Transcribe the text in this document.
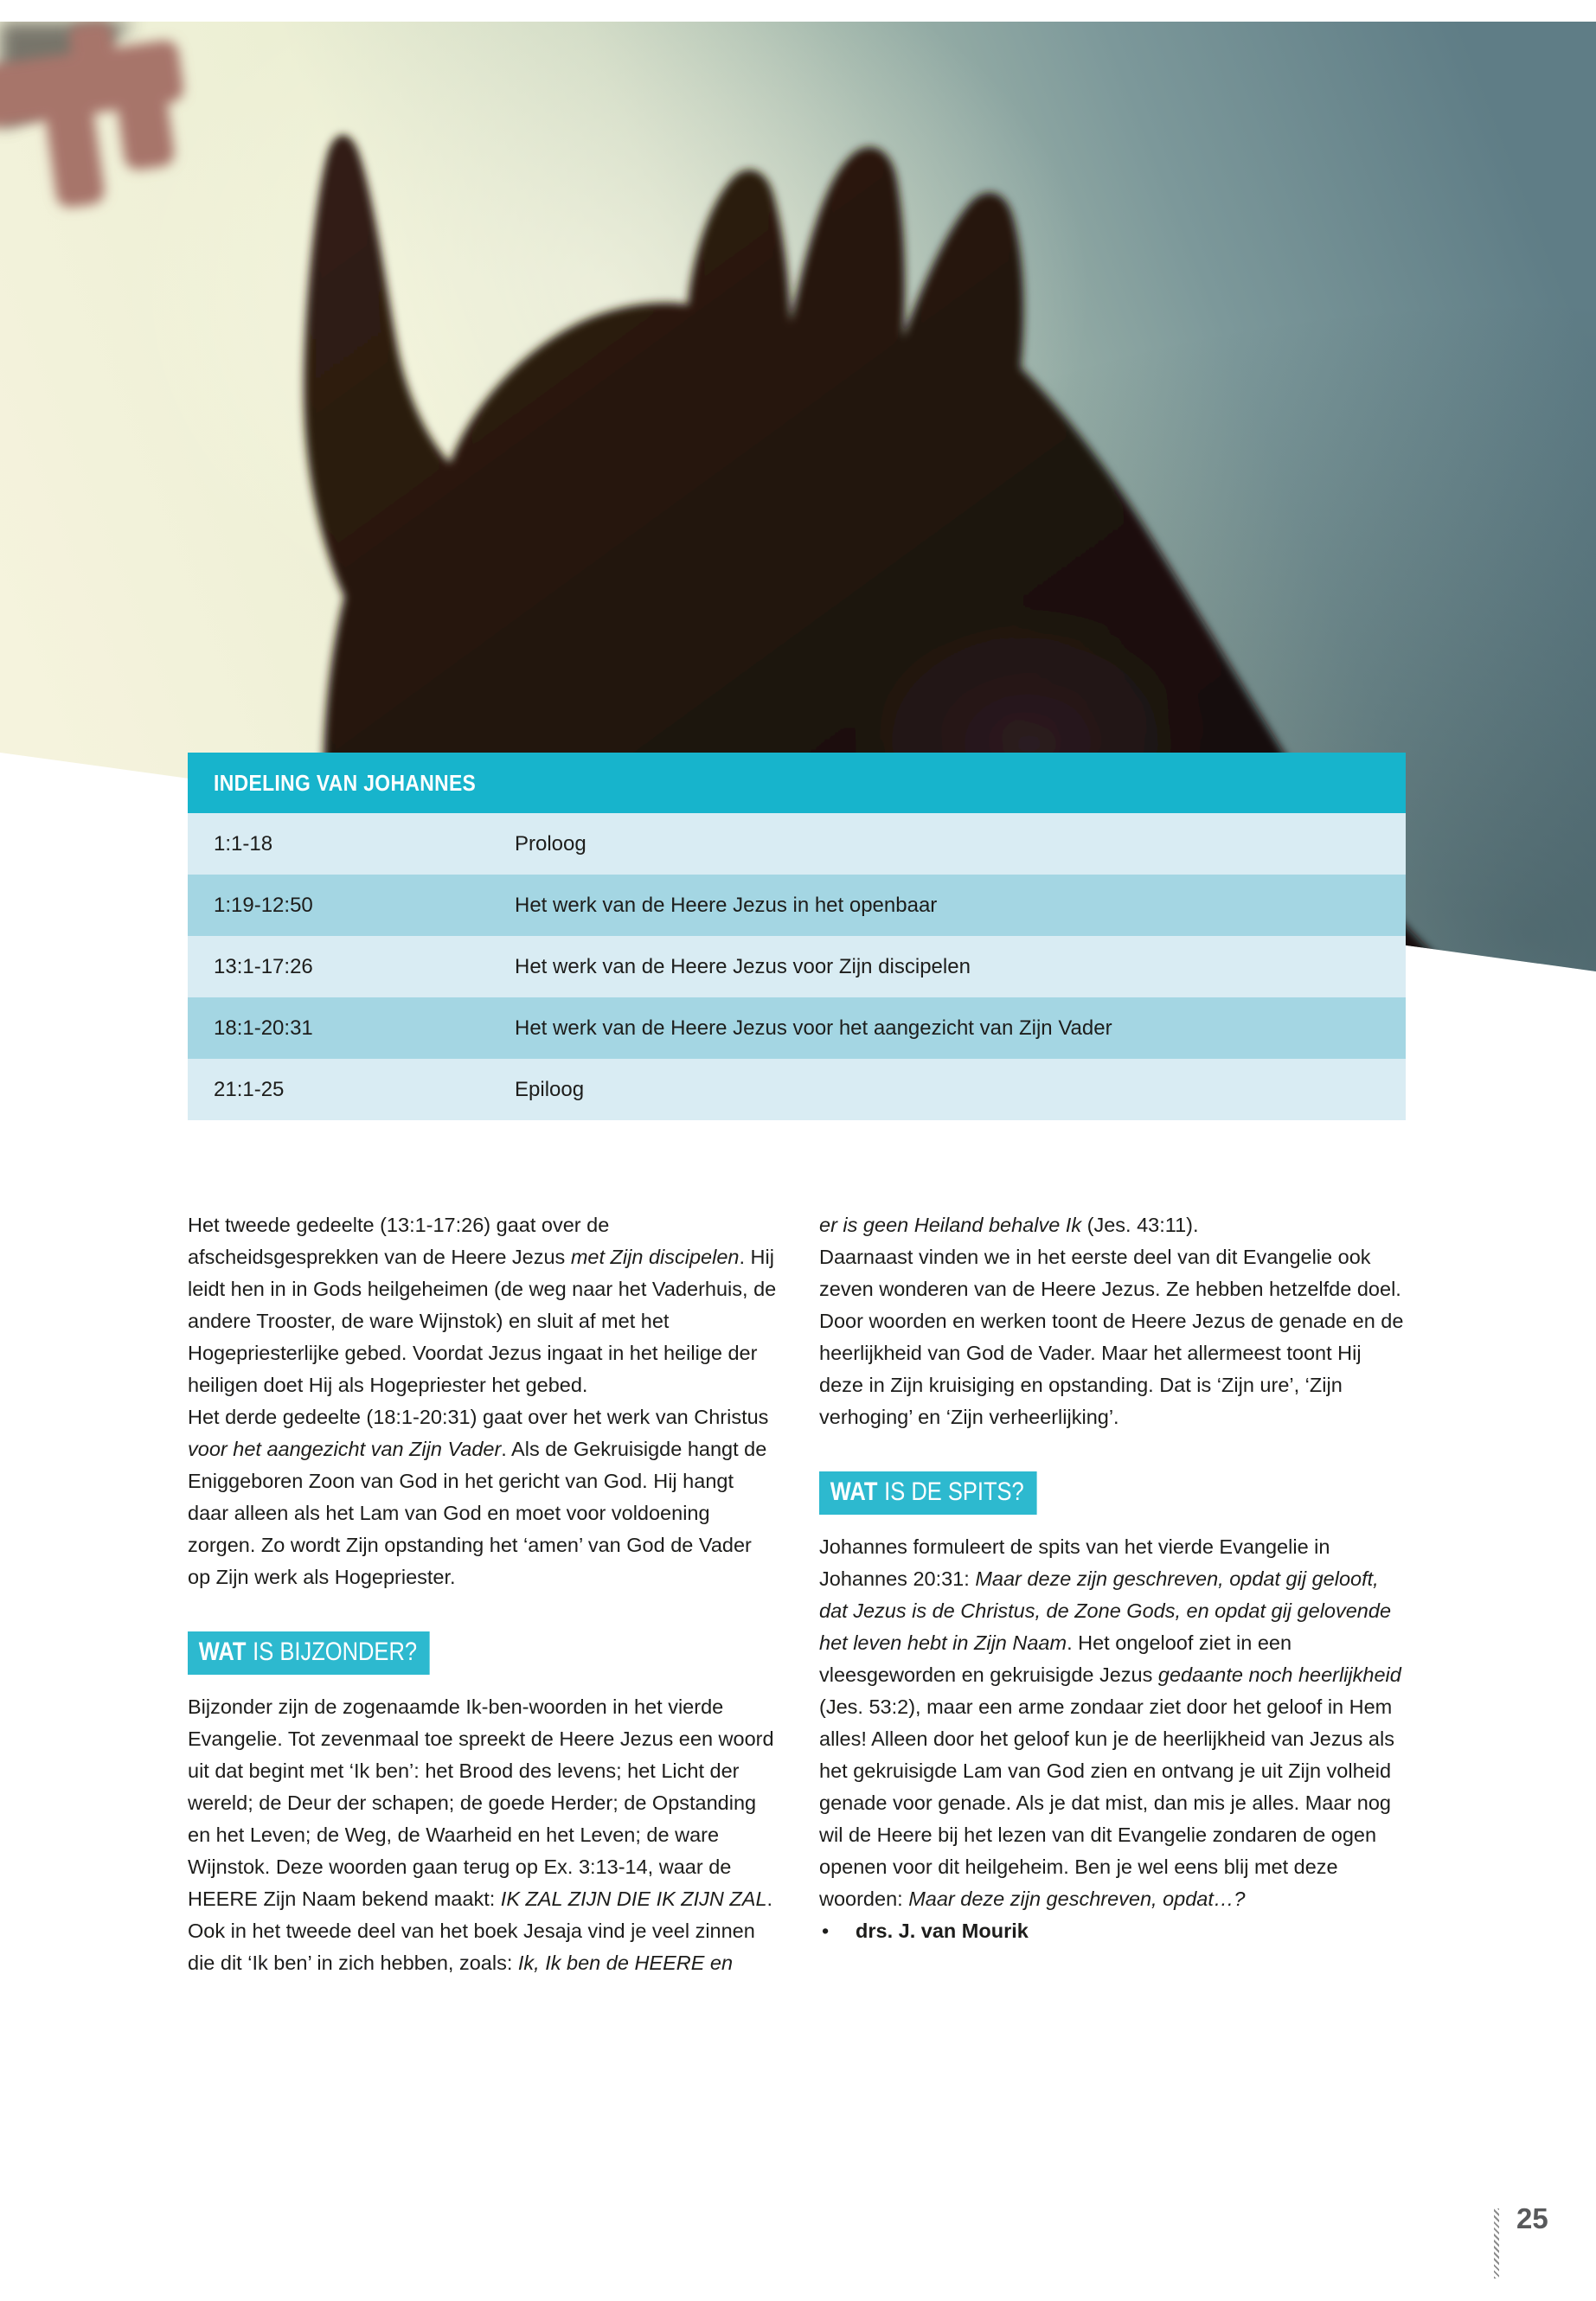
INDELING VAN JOHANNES
1:1-18	Proloog
1:19-12:50	Het werk van de Heere Jezus in het openbaar
13:1-17:26	Het werk van de Heere Jezus voor Zijn discipelen
18:1-20:31	Het werk van de Heere Jezus voor het aangezicht van Zijn Vader
21:1-25	Epiloog

Het tweede gedeelte (13:1-17:26) gaat over de afscheidsgesprekken van de Heere Jezus met Zijn discipelen. Hij leidt hen in in Gods heilgeheimen (de weg naar het Vaderhuis, de andere Trooster, de ware Wijnstok) en sluit af met het Hogepriesterlijke gebed. Voordat Jezus ingaat in het heilige der heiligen doet Hij als Hogepriester het gebed.

Het derde gedeelte (18:1-20:31) gaat over het werk van Christus voor het aangezicht van Zijn Vader. Als de Gekruisigde hangt de Eniggeboren Zoon van God in het gericht van God. Hij hangt daar alleen als het Lam van God en moet voor voldoening zorgen. Zo wordt Zijn opstanding het ‘amen’ van God de Vader op Zijn werk als Hogepriester.

WAT IS BIJZONDER?

Bijzonder zijn de zogenaamde Ik-ben-woorden in het vierde Evangelie. Tot zevenmaal toe spreekt de Heere Jezus een woord uit dat begint met ‘Ik ben’: het Brood des levens; het Licht der wereld; de Deur der schapen; de goede Herder; de Opstanding en het Leven; de Weg, de Waarheid en het Leven; de ware Wijnstok. Deze woorden gaan terug op Ex. 3:13-14, waar de HEERE Zijn Naam bekend maakt: IK ZAL ZIJN DIE IK ZIJN ZAL. Ook in het tweede deel van het boek Jesaja vind je veel zinnen die dit ‘Ik ben’ in zich hebben, zoals: Ik, Ik ben de HEERE en

er is geen Heiland behalve Ik (Jes. 43:11).

Daarnaast vinden we in het eerste deel van dit Evangelie ook zeven wonderen van de Heere Jezus. Ze hebben hetzelfde doel. Door woorden en werken toont de Heere Jezus de genade en de heerlijkheid van God de Vader. Maar het allermeest toont Hij deze in Zijn kruisiging en opstanding. Dat is ‘Zijn ure’, ‘Zijn verhoging’ en ‘Zijn verheerlijking’.

WAT IS DE SPITS?

Johannes formuleert de spits van het vierde Evangelie in Johannes 20:31: Maar deze zijn geschreven, opdat gij gelooft, dat Jezus is de Christus, de Zone Gods, en opdat gij gelovende het leven hebt in Zijn Naam. Het ongeloof ziet in een vleesgeworden en gekruisigde Jezus gedaante noch heerlijkheid (Jes. 53:2), maar een arme zondaar ziet door het geloof in Hem alles! Alleen door het geloof kun je de heerlijkheid van Jezus als het gekruisigde Lam van God zien en ontvang je uit Zijn volheid genade voor genade. Als je dat mist, dan mis je alles. Maar nog wil de Heere bij het lezen van dit Evangelie zondaren de ogen openen voor dit heilgeheim. Ben je wel eens blij met deze woorden: Maar deze zijn geschreven, opdat…?

• drs. J. van Mourik

25
